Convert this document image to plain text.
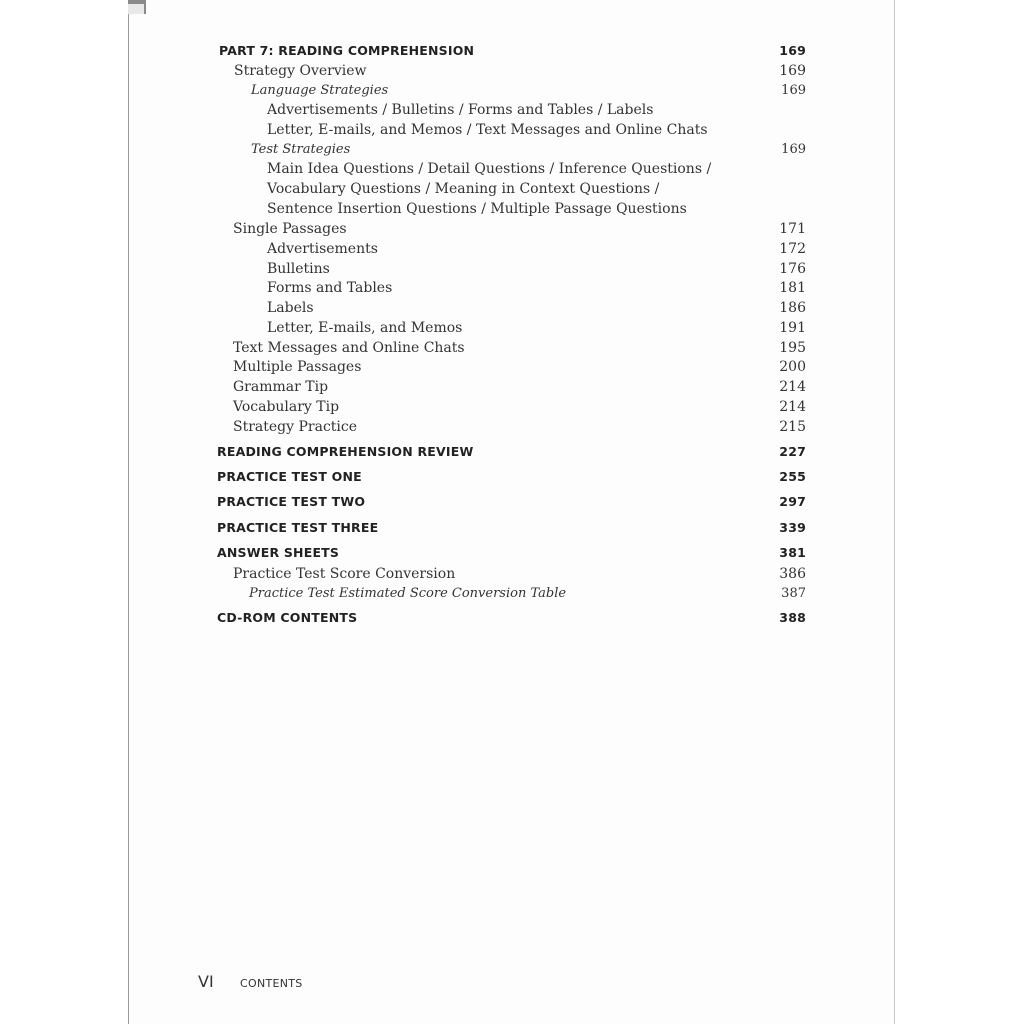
PART 7: READING COMPREHENSION	169
Strategy Overview	169
Language Strategies	169
Advertisements / Bulletins / Forms and Tables / Labels
Letter, E-mails, and Memos / Text Messages and Online Chats
Test Strategies	169
Main Idea Questions / Detail Questions / Inference Questions /
Vocabulary Questions / Meaning in Context Questions /
Sentence Insertion Questions / Multiple Passage Questions
Single Passages	171
Advertisements	172
Bulletins	176
Forms and Tables	181
Labels	186
Letter, E-mails, and Memos	191
Text Messages and Online Chats	195
Multiple Passages	200
Grammar Tip	214
Vocabulary Tip	214
Strategy Practice	215
READING COMPREHENSION REVIEW	227
PRACTICE TEST ONE	255
PRACTICE TEST TWO	297
PRACTICE TEST THREE	339
ANSWER SHEETS	381
Practice Test Score Conversion	386
Practice Test Estimated Score Conversion Table	387
CD-ROM CONTENTS	388
VI CONTENTS
